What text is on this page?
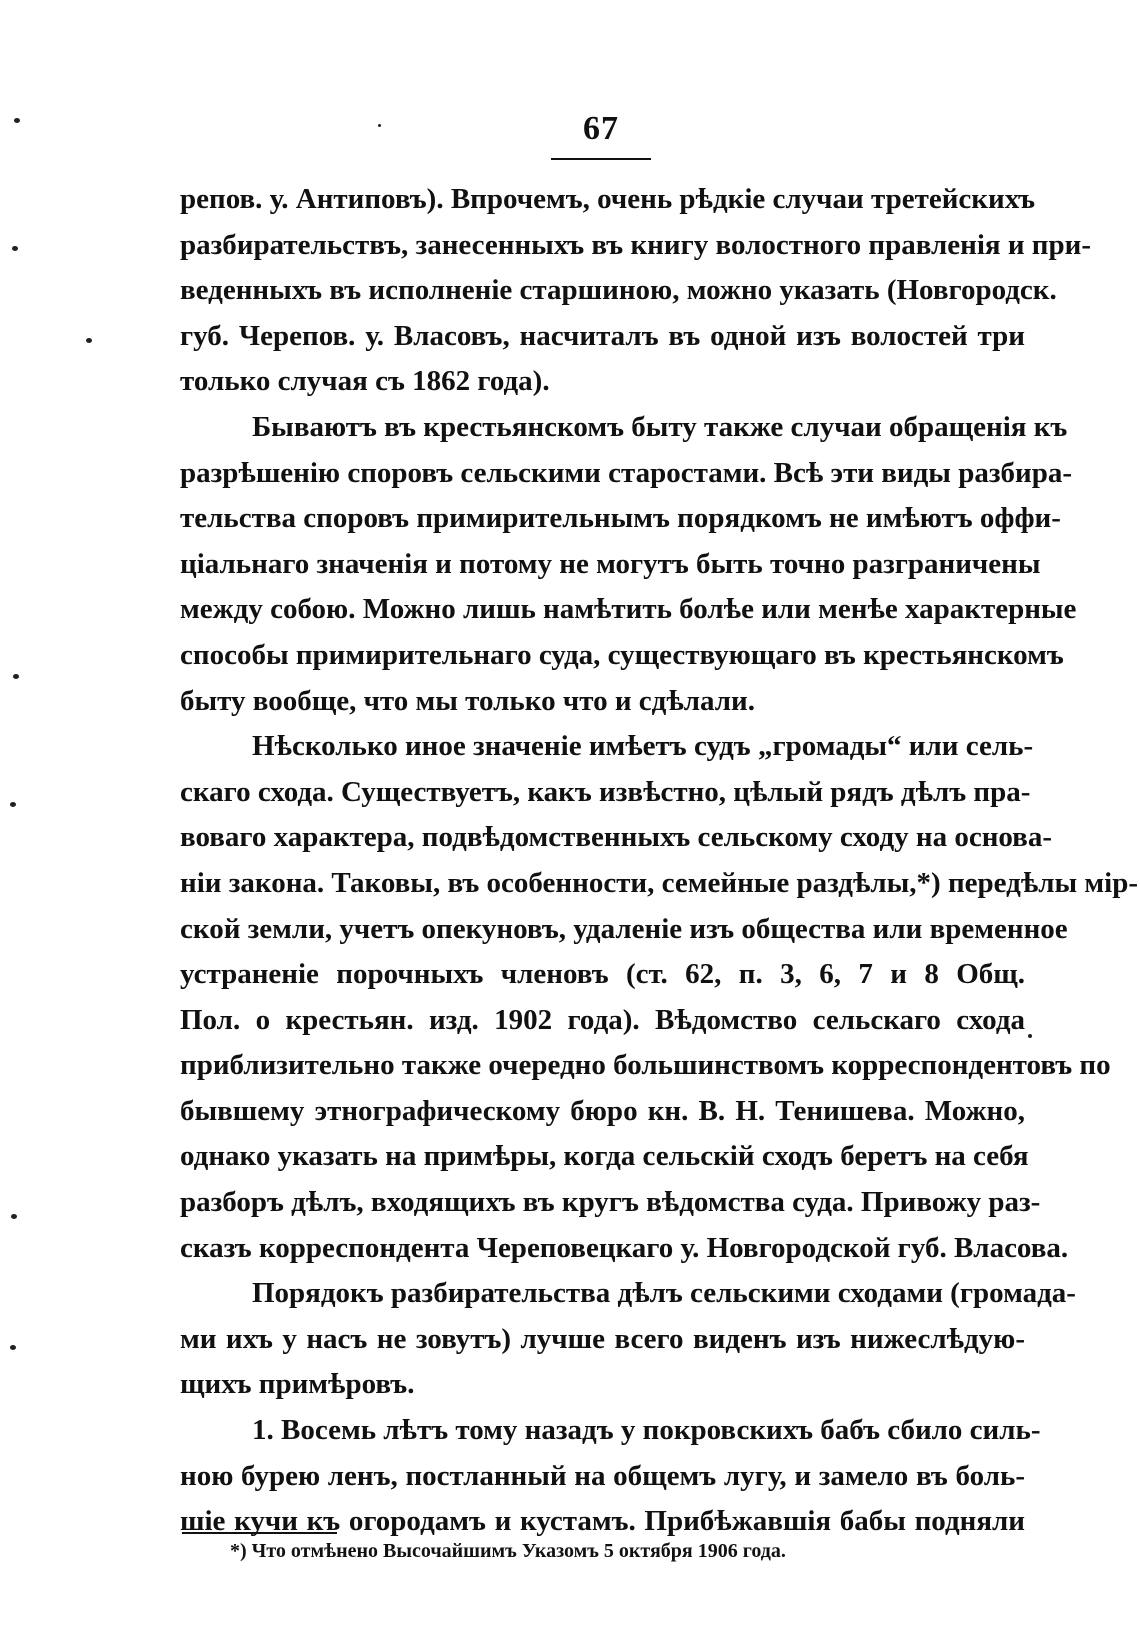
67
репов. у. Антиповъ). Впрочемъ, очень рѣдкіе случаи третейскихъ
разбирательствъ, занесенныхъ въ книгу волостного правленія и при-
веденныхъ въ исполненіе старшиною, можно указать (Новгородск.
губ. Черепов. у. Власовъ, насчиталъ въ одной изъ волостей три
только случая съ 1862 года).
Бываютъ въ крестьянскомъ быту также случаи обращенія къ
разрѣшенію споровъ сельскими старостами. Всѣ эти виды разбира-
тельства споровъ примирительнымъ порядкомъ не имѣютъ оффи-
ціальнаго значенія и потому не могутъ быть точно разграничены
между собою. Можно лишь намѣтить болѣе или менѣе характерные
способы примирительнаго суда, существующаго въ крестьянскомъ
быту вообще, что мы только что и сдѣлали.
Нѣсколько иное значеніе имѣетъ судъ „громады“ или сель-
скаго схода. Существуетъ, какъ извѣстно, цѣлый рядъ дѣлъ пра-
воваго характера, подвѣдомственныхъ сельскому сходу на основа-
ніи закона. Таковы, въ особенности, семейные раздѣлы,*) передѣлы мір-
ской земли, учетъ опекуновъ, удаленіе изъ общества или временное
устраненіе порочныхъ членовъ (ст. 62, п. 3, 6, 7 и 8 Общ.
Пол. о крестьян. изд. 1902 года). Вѣдомство сельскаго схода
приблизительно также очередно большинствомъ корреспондентовъ по
бывшему этнографическому бюро кн. В. Н. Тенишева. Можно,
однако указать на примѣры, когда сельскій сходъ беретъ на себя
разборъ дѣлъ, входящихъ въ кругъ вѣдомства суда. Привожу раз-
сказъ корреспондента Череповецкаго у. Новгородской губ. Власова.
Порядокъ разбирательства дѣлъ сельскими сходами (громада-
ми ихъ у насъ не зовутъ) лучше всего виденъ изъ нижеслѣдую-
щихъ примѣровъ.
1. Восемь лѣтъ тому назадъ у покровскихъ бабъ сбило силь-
ною бурею ленъ, постланный на общемъ лугу, и замело въ боль-
шіе кучи къ огородамъ и кустамъ. Прибѣжавшія бабы подняли
*) Что отмѣнено Высочайшимъ Указомъ 5 октября 1906 года.
